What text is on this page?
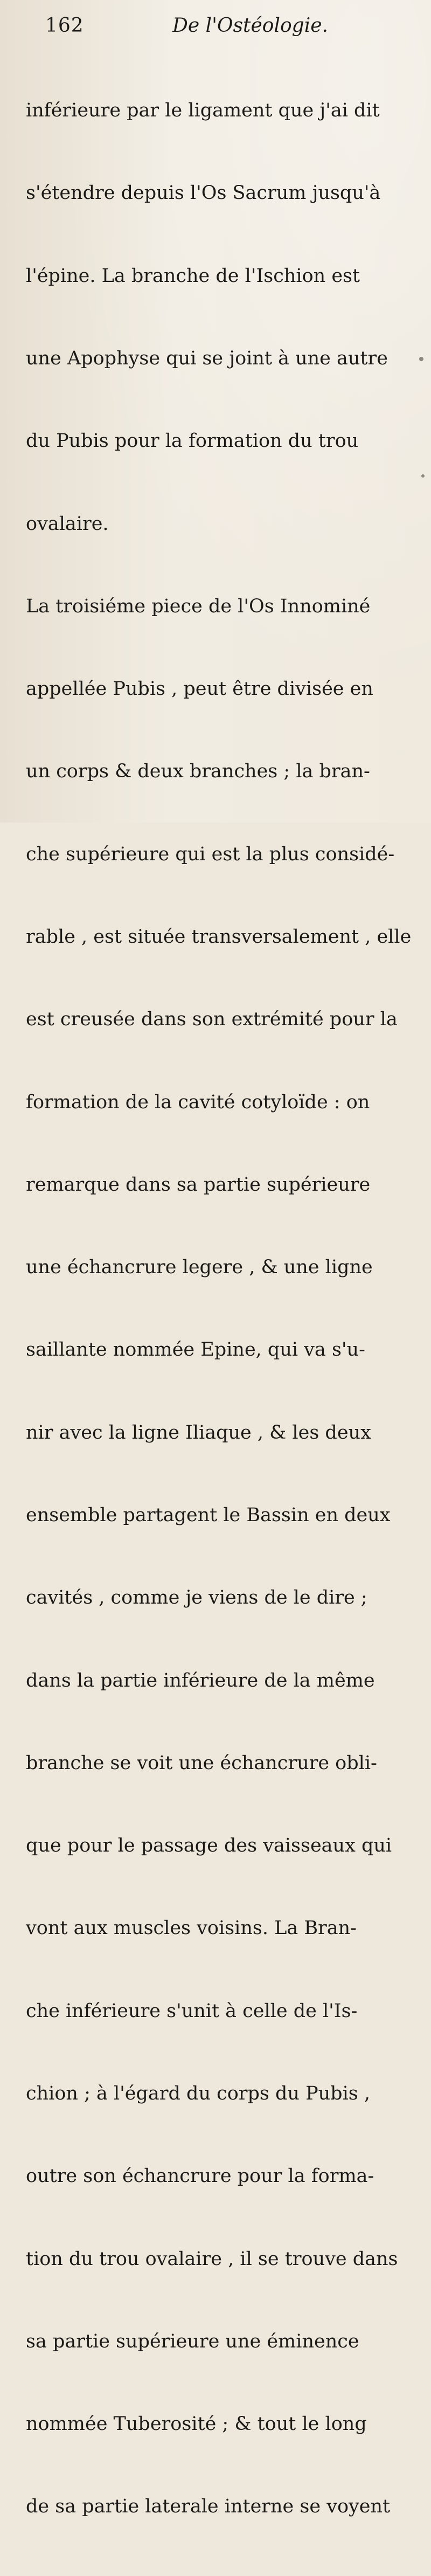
162	De l'Ostéologie.

inférieure par le ligament que j'ai dit

s'étendre depuis l'Os Sacrum jusqu'à

l'épine. La branche de l'Ischion est

une Apophyse qui se joint à une autre

du Pubis pour la formation du trou

ovalaire.

La troisiéme piece de l'Os Innominé

appellée Pubis , peut être divisée en

un corps & deux branches ; la bran-

che supérieure qui est la plus considé-

rable , est située transversalement , elle

est creusée dans son extrémité pour la

formation de la cavité cotyloïde : on

remarque dans sa partie supérieure

une échancrure legere , & une ligne

saillante nommée Epine, qui va s'u-

nir avec la ligne Iliaque , & les deux

ensemble partagent le Bassin en deux

cavités , comme je viens de le dire ;

dans la partie inférieure de la même

branche se voit une échancrure obli-

que pour le passage des vaisseaux qui

vont aux muscles voisins. La Bran-

che inférieure s'unit à celle de l'Is-

chion ; à l'égard du corps du Pubis ,

outre son échancrure pour la forma-

tion du trou ovalaire , il se trouve dans

sa partie supérieure une éminence

nommée Tuberosité ; & tout le long

de sa partie laterale interne se voyent
